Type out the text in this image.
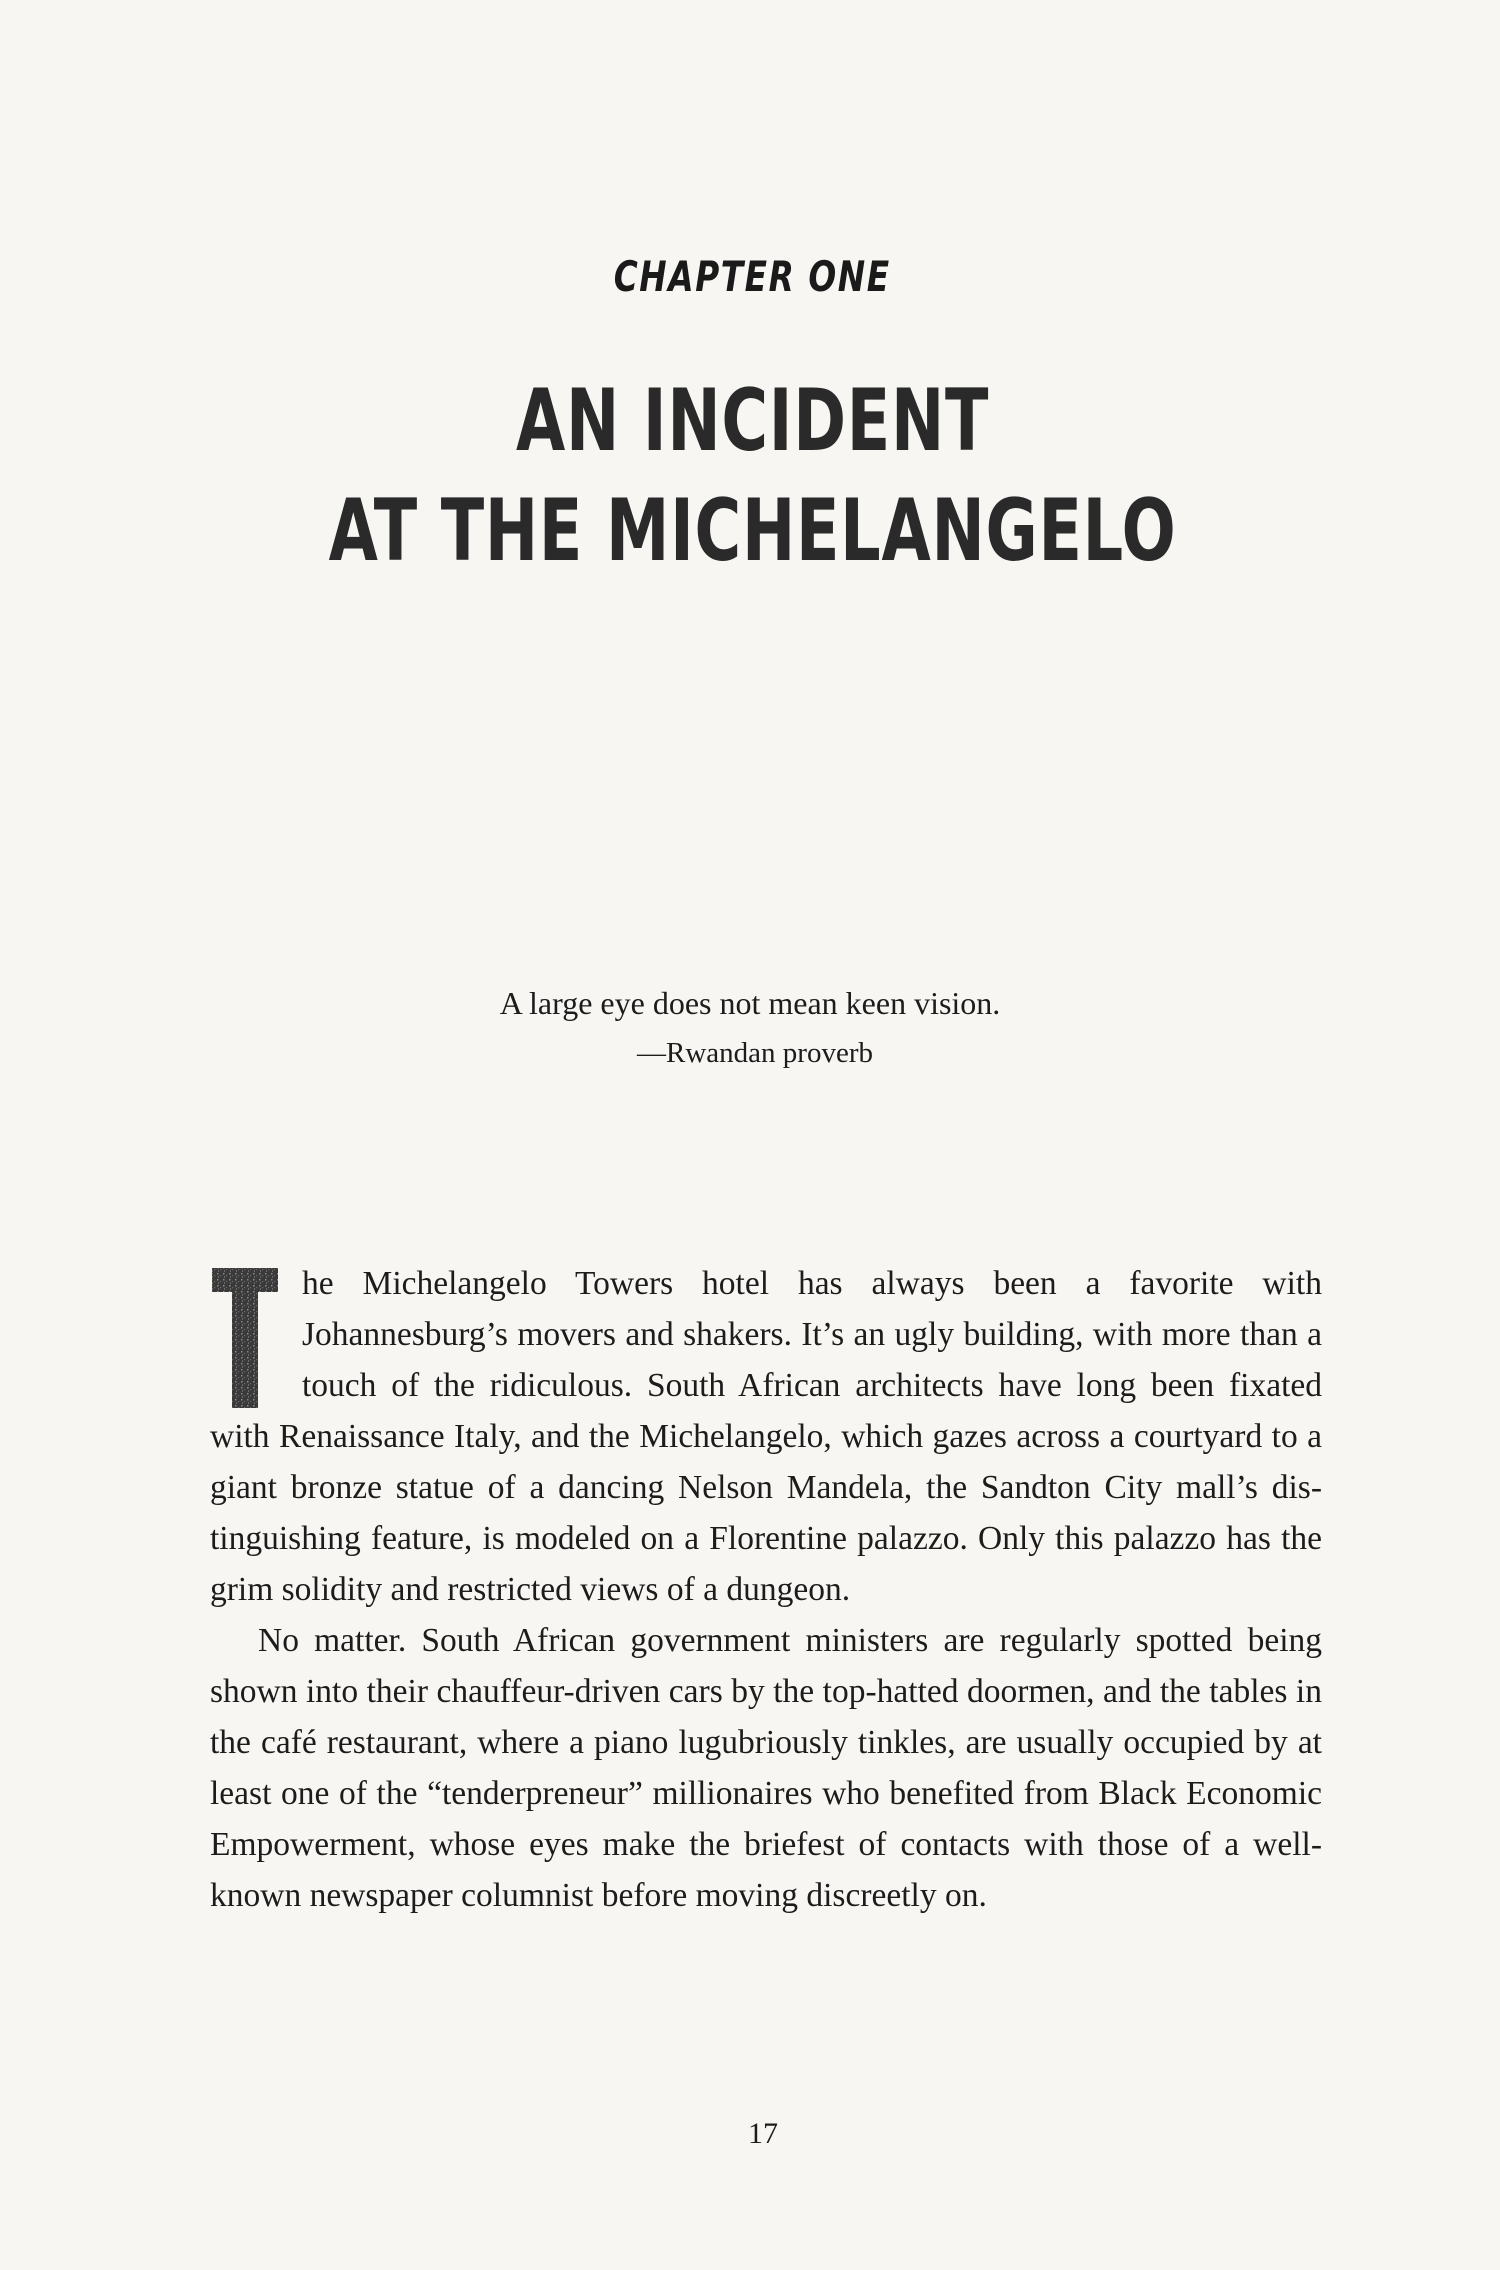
CHAPTER ONE
AN INCIDENT
AT THE MICHELANGELO
A large eye does not mean keen vision.
—Rwandan proverb

T
he Michelangelo Towers hotel has always been a favorite with Johannesburg’s movers and shakers. It’s an ugly building, with more than a touch of the ridiculous. South African architects have long been fixated with Renaissance Italy, and the Michelangelo, which gazes across a courtyard to a giant bronze statue of a dancing Nelson Mandela, the Sandton City mall’s distinguishing feature, is modeled on a Florentine palazzo. Only this palazzo has the grim solidity and restricted views of a dungeon.

No matter. South African government ministers are regularly spotted being shown into their chauffeur-driven cars by the top-hatted doormen, and the tables in the café restaurant, where a piano lugubriously tinkles, are usually occupied by at least one of the “tenderpreneur” millionaires who benefited from Black Economic Empowerment, whose eyes make the briefest of contacts with those of a well-known newspaper columnist before moving discreetly on.

17
